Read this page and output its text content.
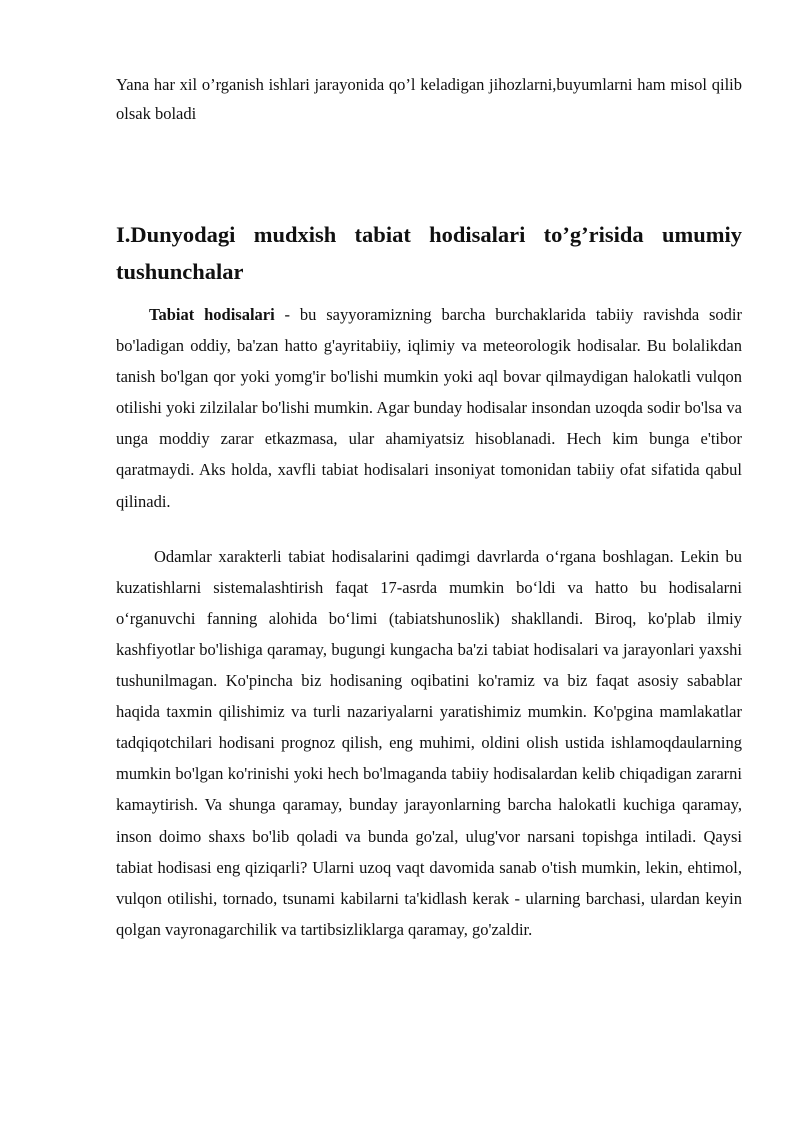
Yana har xil o’rganish ishlari jarayonida qo’l keladigan jihozlarni,buyumlarni ham misol qilib olsak boladi

I.Dunyodagi mudxish tabiat hodisalari to’g’risida umumiy tushunchalar

Tabiat hodisalari - bu sayyoramizning barcha burchaklarida tabiiy ravishda sodir bo'ladigan oddiy, ba'zan hatto g'ayritabiiy, iqlimiy va meteorologik hodisalar. Bu bolalikdan tanish bo'lgan qor yoki yomg'ir bo'lishi mumkin yoki aql bovar qilmaydigan halokatli vulqon otilishi yoki zilzilalar bo'lishi mumkin. Agar bunday hodisalar insondan uzoqda sodir bo'lsa va unga moddiy zarar etkazmasa, ular ahamiyatsiz hisoblanadi. Hech kim bunga e'tibor qaratmaydi. Aks holda, xavfli tabiat hodisalari insoniyat tomonidan tabiiy ofat sifatida qabul qilinadi.

Odamlar xarakterli tabiat hodisalarini qadimgi davrlarda oʻrgana boshlagan. Lekin bu kuzatishlarni sistemalashtirish faqat 17-asrda mumkin boʻldi va hatto bu hodisalarni oʻrganuvchi fanning alohida boʻlimi (tabiatshunoslik) shakllandi. Biroq, ko'plab ilmiy kashfiyotlar bo'lishiga qaramay, bugungi kungacha ba'zi tabiat hodisalari va jarayonlari yaxshi tushunilmagan. Ko'pincha biz hodisaning oqibatini ko'ramiz va biz faqat asosiy sabablar haqida taxmin qilishimiz va turli nazariyalarni yaratishimiz mumkin. Ko'pgina mamlakatlar tadqiqotchilari hodisani prognoz qilish, eng muhimi, oldini olish ustida ishlamoqdaularning mumkin bo'lgan ko'rinishi yoki hech bo'lmaganda tabiiy hodisalardan kelib chiqadigan zararni kamaytirish. Va shunga qaramay, bunday jarayonlarning barcha halokatli kuchiga qaramay, inson doimo shaxs bo'lib qoladi va bunda go'zal, ulug'vor narsani topishga intiladi. Qaysi tabiat hodisasi eng qiziqarli? Ularni uzoq vaqt davomida sanab o'tish mumkin, lekin, ehtimol, vulqon otilishi, tornado, tsunami kabilarni ta'kidlash kerak - ularning barchasi, ulardan keyin qolgan vayronagarchilik va tartibsizliklarga qaramay, go'zaldir.
